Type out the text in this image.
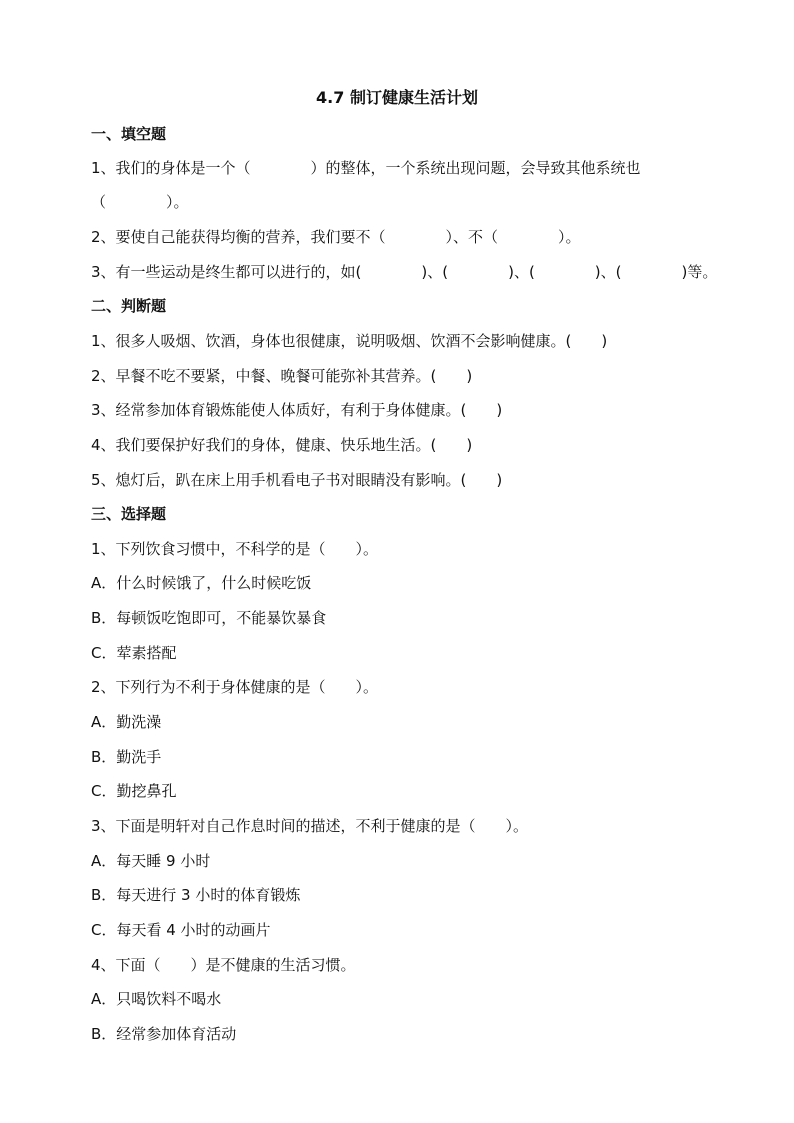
4.7 制订健康生活计划
一、填空题
1、我们的身体是一个（　　　　）的整体，一个系统出现问题，会导致其他系统也
（　　　　）。
2、要使自己能获得均衡的营养，我们要不（　　　　）、不（　　　　）。
3、有一些运动是终生都可以进行的，如(　　　　)、(　　　　)、(　　　　)、(　　　　)等。
二、判断题
1、很多人吸烟、饮酒，身体也很健康，说明吸烟、饮酒不会影响健康。(　　)
2、早餐不吃不要紧，中餐、晚餐可能弥补其营养。(　　)
3、经常参加体育锻炼能使人体质好，有利于身体健康。(　　)
4、我们要保护好我们的身体，健康、快乐地生活。(　　)
5、熄灯后，趴在床上用手机看电子书对眼睛没有影响。(　　)
三、选择题
1、下列饮食习惯中，不科学的是（　　）。
A．什么时候饿了，什么时候吃饭
B．每顿饭吃饱即可，不能暴饮暴食
C．荤素搭配
2、下列行为不利于身体健康的是（　　）。
A．勤洗澡
B．勤洗手
C．勤挖鼻孔
3、下面是明轩对自己作息时间的描述，不利于健康的是（　　）。
A．每天睡 9 小时
B．每天进行 3 小时的体育锻炼
C．每天看 4 小时的动画片
4、下面（　　）是不健康的生活习惯。
A．只喝饮料不喝水
B．经常参加体育活动
